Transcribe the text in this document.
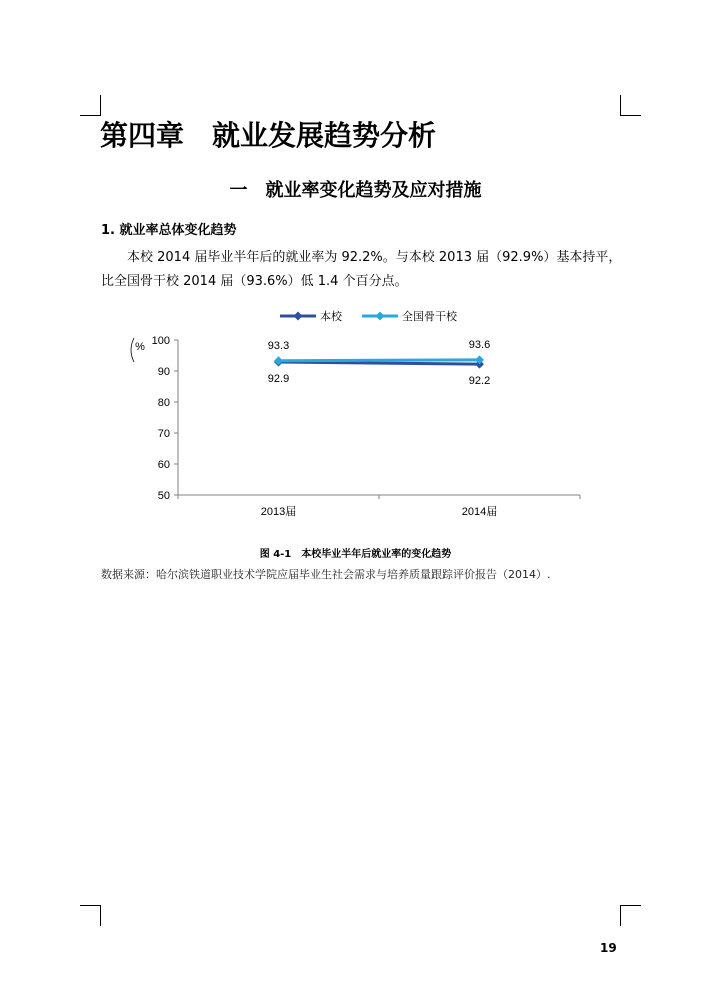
第四章　就业发展趋势分析
一　就业率变化趋势及应对措施
1. 就业率总体变化趋势
本校 2014 届毕业半年后的就业率为 92.2%。与本校 2013 届（92.9%）基本持平，比全国骨干校 2014 届（93.6%）低 1.4 个百分点。
50
60
70
80
90
100
%
2013届	2014届
92.9	92.2
93.3	93.6
本校	全国骨干校
图 4-1　本校毕业半年后就业率的变化趋势
数据来源：哈尔滨铁道职业技术学院应届毕业生社会需求与培养质量跟踪评价报告（2014）.
19
